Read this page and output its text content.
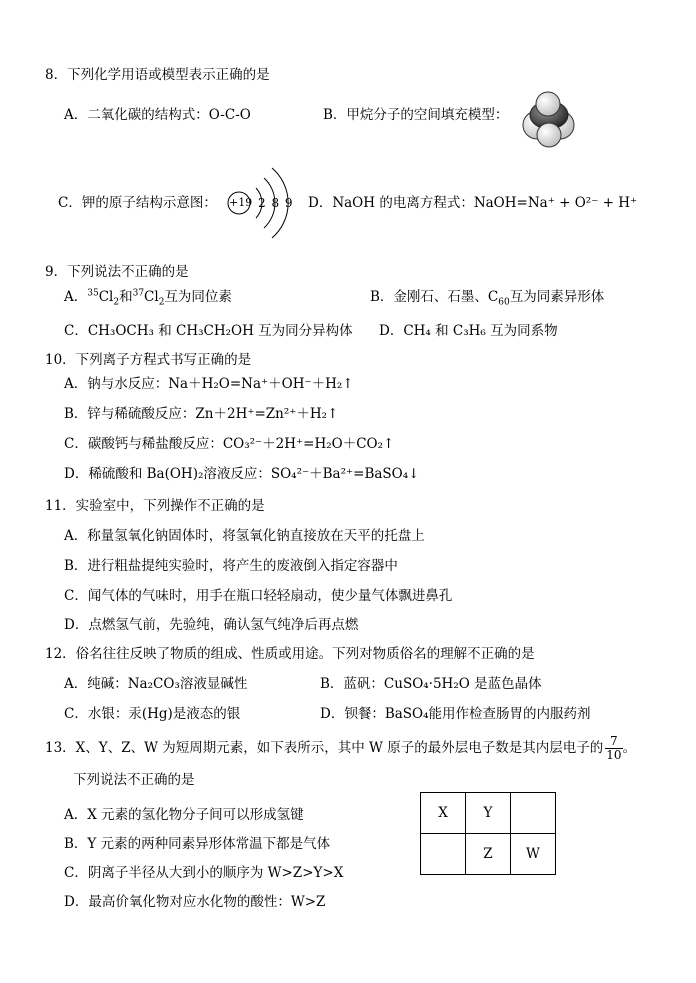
8．下列化学用语或模型表示正确的是
A．二氧化碳的结构式：O-C-O	B．甲烷分子的空间填充模型：
C．钾的原子结构示意图： +19 2 8 9 D．NaOH 的电离方程式：NaOH=Na⁺ + O²⁻ + H⁺
9．下列说法不正确的是
A．$^{35}Cl_2$和$^{37}Cl_2$互为同位素	B．金刚石、石墨、$C_{60}$互为同素异形体
C．CH₃OCH₃ 和 CH₃CH₂OH 互为同分异构体 D．CH₄ 和 C₃H₆ 互为同系物
10．下列离子方程式书写正确的是
A．钠与水反应：Na＋H₂O=Na⁺＋OH⁻＋H₂↑
B．锌与稀硫酸反应：Zn＋2H⁺=Zn²⁺＋H₂↑
C．碳酸钙与稀盐酸反应：CO₃²⁻＋2H⁺=H₂O＋CO₂↑
D．稀硫酸和 Ba(OH)₂溶液反应：SO₄²⁻＋Ba²⁺=BaSO₄↓
11．实验室中，下列操作不正确的是
A．称量氢氧化钠固体时，将氢氧化钠直接放在天平的托盘上
B．进行粗盐提纯实验时，将产生的废液倒入指定容器中
C．闻气体的气味时，用手在瓶口轻轻扇动，使少量气体飘进鼻孔
D．点燃氢气前，先验纯，确认氢气纯净后再点燃
12．俗名往往反映了物质的组成、性质或用途。下列对物质俗名的理解不正确的是
A．纯碱：Na₂CO₃溶液显碱性	B．蓝矾：CuSO₄·5H₂O 是蓝色晶体
C．水银：汞(Hg)是液态的银	D．钡餐：BaSO₄能用作检查肠胃的内服药剂
13．X、Y、Z、W 为短周期元素，如下表所示，其中 W 原子的最外层电子数是其内层电子的 $\frac{7}{10}$ 。
下列说法不正确的是
A．X 元素的氢化物分子间可以形成氢键
B．Y 元素的两种同素异形体常温下都是气体
C．阴离子半径从大到小的顺序为 W>Z>Y>X
D．最高价氧化物对应水化物的酸性：W>Z
X	Y	
	Z	W
